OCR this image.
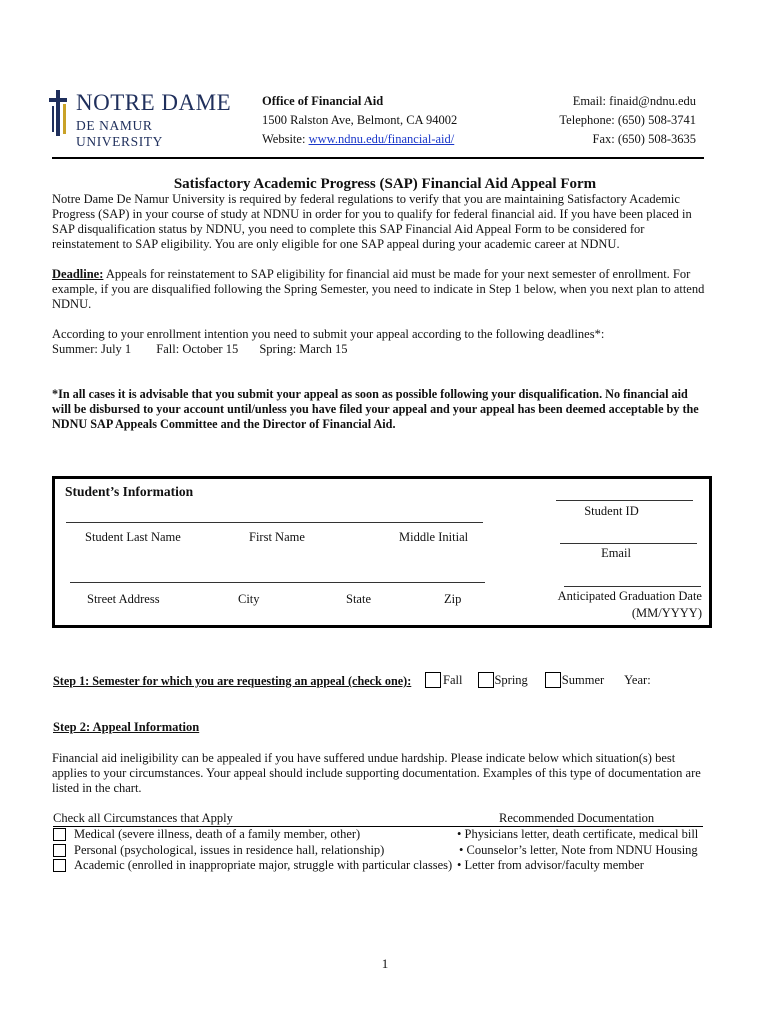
NOTRE DAME
DE NAMUR UNIVERSITY
Office of Financial Aid
1500 Ralston Ave, Belmont, CA 94002
Website: www.ndnu.edu/financial-aid/
Email: finaid@ndnu.edu
Telephone: (650) 508-3741
Fax: (650) 508-3635
Satisfactory Academic Progress (SAP) Financial Aid Appeal Form
Notre Dame De Namur University is required by federal regulations to verify that you are maintaining Satisfactory Academic Progress (SAP) in your course of study at NDNU in order for you to qualify for federal financial aid. If you have been placed in SAP disqualification status by NDNU, you need to complete this SAP Financial Aid Appeal Form to be considered for reinstatement to SAP eligibility. You are only eligible for one SAP appeal during your academic career at NDNU.
Deadline: Appeals for reinstatement to SAP eligibility for financial aid must be made for your next semester of enrollment. For example, if you are disqualified following the Spring Semester, you need to indicate in Step 1 below, when you next plan to attend NDNU.
According to your enrollment intention you need to submit your appeal according to the following deadlines*:
Summer: July 1 Fall: October 15 Spring: March 15
*In all cases it is advisable that you submit your appeal as soon as possible following your disqualification. No financial aid will be disbursed to your account until/unless you have filed your appeal and your appeal has been deemed acceptable by the NDNU SAP Appeals Committee and the Director of Financial Aid.
Student’s Information
Student Last Name	First Name	Middle Initial
Student ID
Email
Street Address	City	State	Zip	Anticipated Graduation Date
(MM/YYYY)
Step 1: Semester for which you are requesting an appeal (check one):	Fall	Spring	Summer Year:
Step 2: Appeal Information
Financial aid ineligibility can be appealed if you have suffered undue hardship. Please indicate below which situation(s) best applies to your circumstances. Your appeal should include supporting documentation. Examples of this type of documentation are listed in the chart.
Check all Circumstances that Apply	Recommended Documentation
Medical (severe illness, death of a family member, other)	• Physicians letter, death certificate, medical bill
Personal (psychological, issues in residence hall, relationship)	• Counselor’s letter, Note from NDNU Housing
Academic (enrolled in inappropriate major, struggle with particular classes) • Letter from advisor/faculty member
1
